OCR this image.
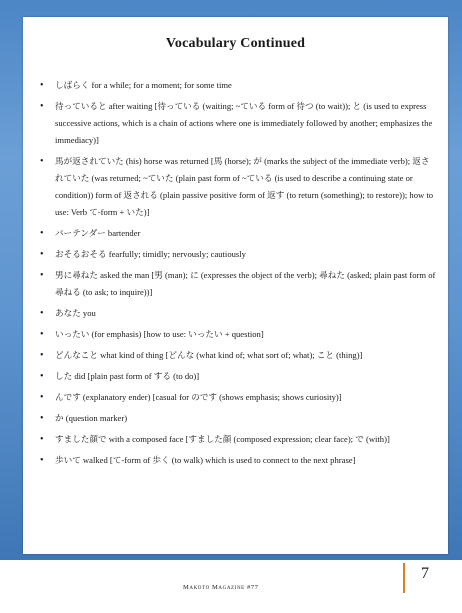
Vocabulary Continued
• しばらく for a while; for a moment; for some time
• 待っていると after waiting [待っている (waiting; ~ている form of 待つ (to wait)); と (is used to express successive actions, which is a chain of actions where one is immediately followed by another; emphasizes the immediacy)]
• 馬が返されていた (his) horse was returned [馬 (horse); が (marks the subject of the immediate verb); 返されていた (was returned; ~ていた (plain past form of ~ている (is used to describe a continuing state or condition)) form of 返される (plain passive positive form of 返す (to return (something); to restore)); how to use: Verb て-form + いた)]
• バーテンダー bartender
• おそるおそる fearfully; timidly; nervously; cautiously
• 男に尋ねた asked the man [男 (man); に (expresses the object of the verb); 尋ねた (asked; plain past form of 尋ねる (to ask; to inquire))]
• あなた you
• いったい (for emphasis) [how to use: いったい + question]
• どんなこと what kind of thing [どんな (what kind of; what sort of; what); こと (thing)]
• した did [plain past form of する (to do)]
• んです (explanatory ender) [casual for のです (shows emphasis; shows curiosity)]
• か (question marker)
• すました顔で with a composed face [すました顔 (composed expression; clear face); で (with)]
• 歩いて walked [て-form of 歩く (to walk) which is used to connect to the next phrase]
Makoto Magazine #77
7
